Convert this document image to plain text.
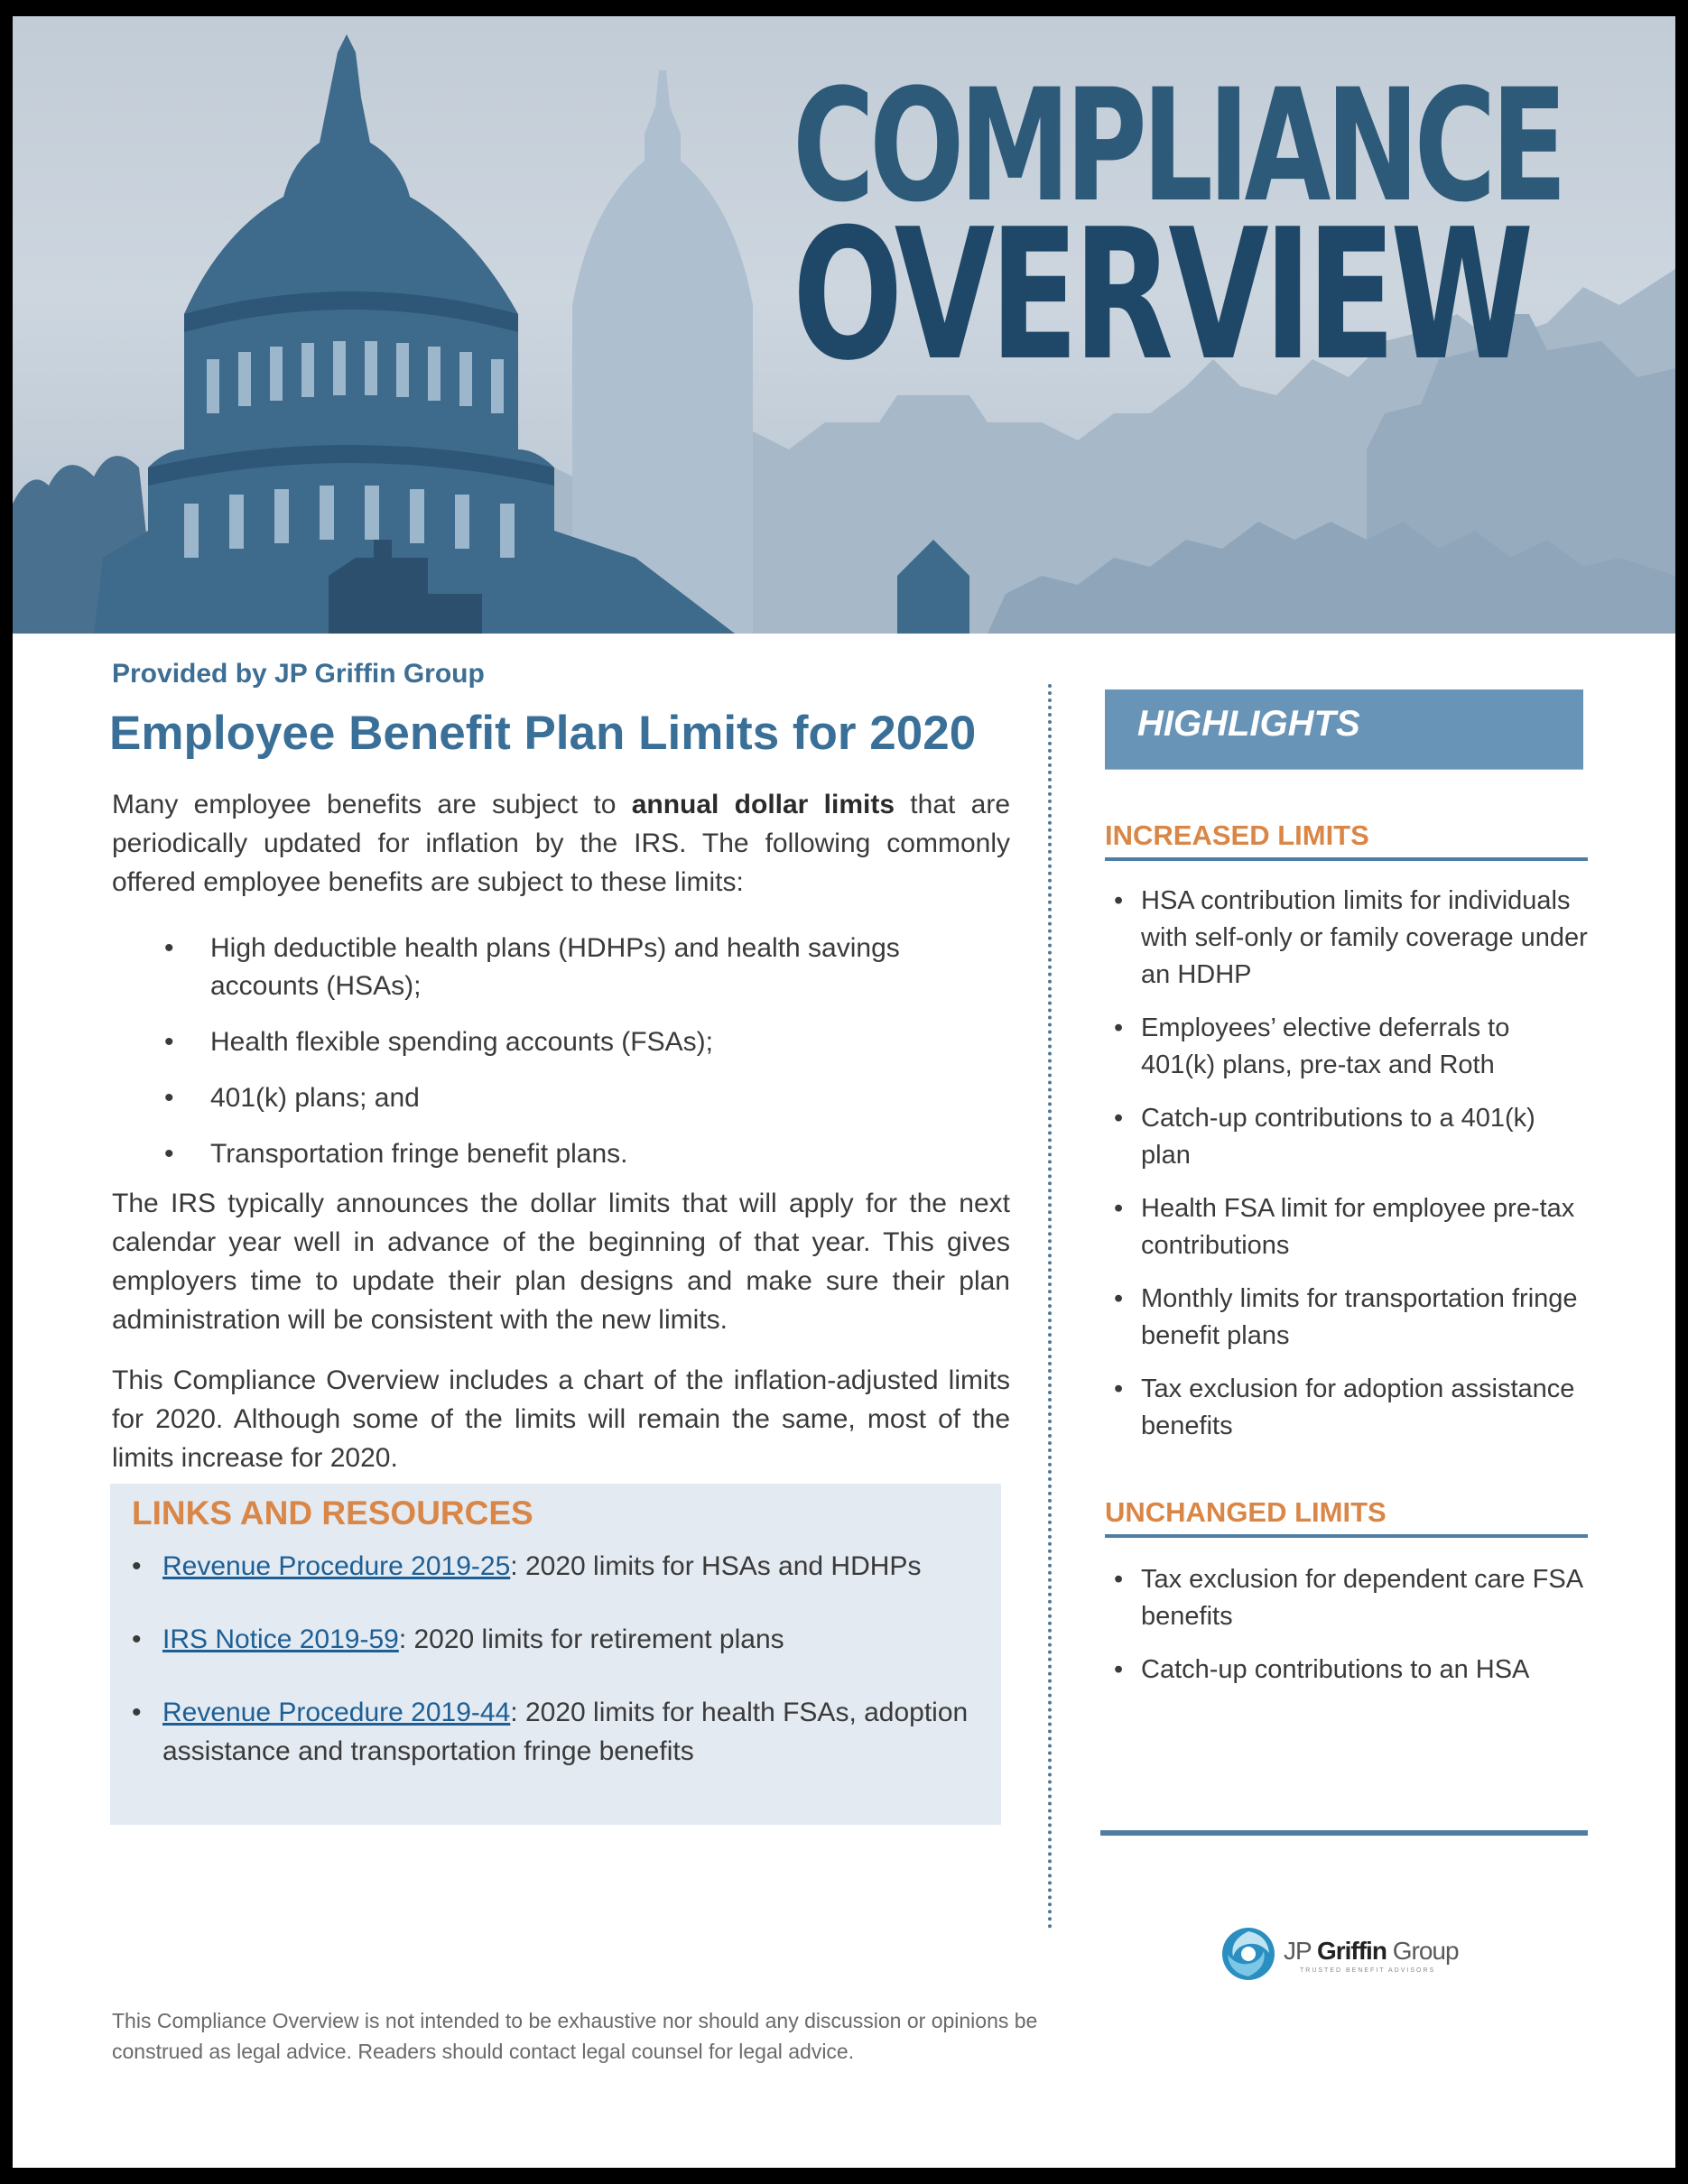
COMPLIANCE
OVERVIEW
Provided by JP Griffin Group
Employee Benefit Plan Limits for 2020

Many employee benefits are subject to annual dollar limits that are periodically updated for inflation by the IRS. The following commonly offered employee benefits are subject to these limits:

• High deductible health plans (HDHPs) and health savings accounts (HSAs);
• Health flexible spending accounts (FSAs);
• 401(k) plans; and
• Transportation fringe benefit plans.

The IRS typically announces the dollar limits that will apply for the next calendar year well in advance of the beginning of that year. This gives employers time to update their plan designs and make sure their plan administration will be consistent with the new limits.

This Compliance Overview includes a chart of the inflation-adjusted limits for 2020. Although some of the limits will remain the same, most of the limits increase for 2020.

LINKS AND RESOURCES
• Revenue Procedure 2019-25: 2020 limits for HSAs and HDHPs
• IRS Notice 2019-59: 2020 limits for retirement plans
• Revenue Procedure 2019-44: 2020 limits for health FSAs, adoption assistance and transportation fringe benefits
HIGHLIGHTS
INCREASED LIMITS
• HSA contribution limits for individuals with self-only or family coverage under an HDHP
• Employees’ elective deferrals to 401(k) plans, pre-tax and Roth
• Catch-up contributions to a 401(k) plan
• Health FSA limit for employee pre-tax contributions
• Monthly limits for transportation fringe benefit plans
• Tax exclusion for adoption assistance benefits
UNCHANGED LIMITS
• Tax exclusion for dependent care FSA benefits
• Catch-up contributions to an HSA
JP Griffin Group
TRUSTED BENEFIT ADVISORS

This Compliance Overview is not intended to be exhaustive nor should any discussion or opinions be construed as legal advice. Readers should contact legal counsel for legal advice.
